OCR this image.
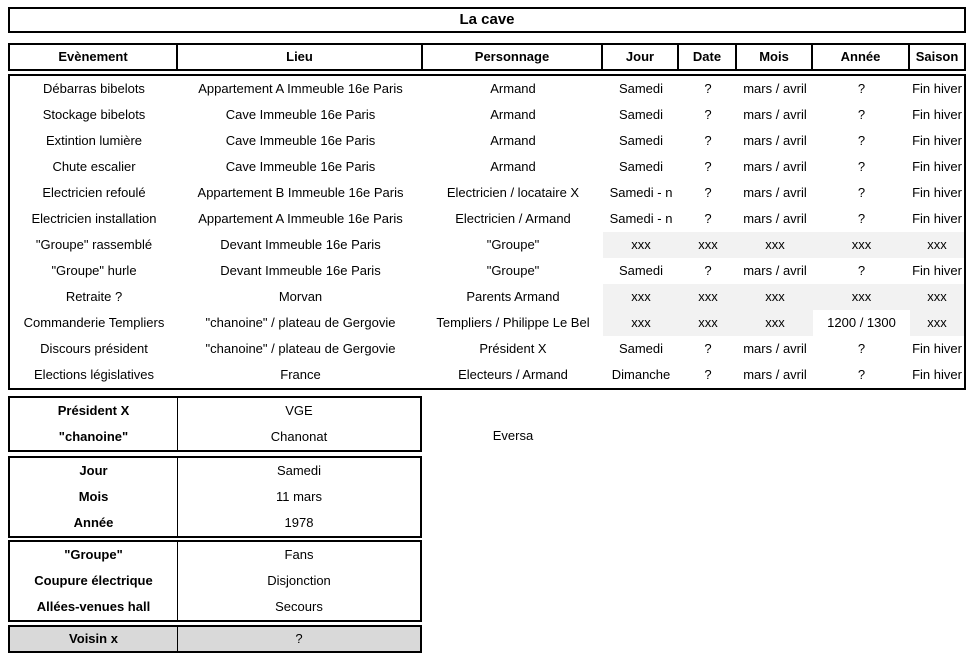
La cave
Evènement	Lieu	Personnage	Jour	Date	Mois	Année	Saison
Débarras bibelots	Appartement A Immeuble 16e Paris	Armand	Samedi	?	mars / avril	?	Fin hiver
Stockage bibelots	Cave Immeuble 16e Paris	Armand	Samedi	?	mars / avril	?	Fin hiver
Extintion lumière	Cave Immeuble 16e Paris	Armand	Samedi	?	mars / avril	?	Fin hiver
Chute escalier	Cave Immeuble 16e Paris	Armand	Samedi	?	mars / avril	?	Fin hiver
Electricien refoulé	Appartement B Immeuble 16e Paris	Electricien / locataire X	Samedi - n	?	mars / avril	?	Fin hiver
Electricien installation	Appartement A Immeuble 16e Paris	Electricien / Armand	Samedi - n	?	mars / avril	?	Fin hiver
"Groupe" rassemblé	Devant Immeuble 16e Paris	"Groupe"	xxx	xxx	xxx	xxx	xxx
"Groupe" hurle	Devant Immeuble 16e Paris	"Groupe"	Samedi	?	mars / avril	?	Fin hiver
Retraite ?	Morvan	Parents Armand	xxx	xxx	xxx	xxx	xxx
Commanderie Templiers	"chanoine" / plateau de Gergovie	Templiers / Philippe Le Bel	xxx	xxx	xxx	1200 / 1300	xxx
Discours président	"chanoine" / plateau de Gergovie	Président X	Samedi	?	mars / avril	?	Fin hiver
Elections législatives	France	Electeurs / Armand	Dimanche	?	mars / avril	?	Fin hiver
Président X	VGE
"chanoine"	Chanonat
Jour	Samedi
Mois	11 mars
Année	1978
"Groupe"	Fans
Coupure électrique	Disjonction
Allées-venues hall	Secours
Voisin x	?
Eversa
